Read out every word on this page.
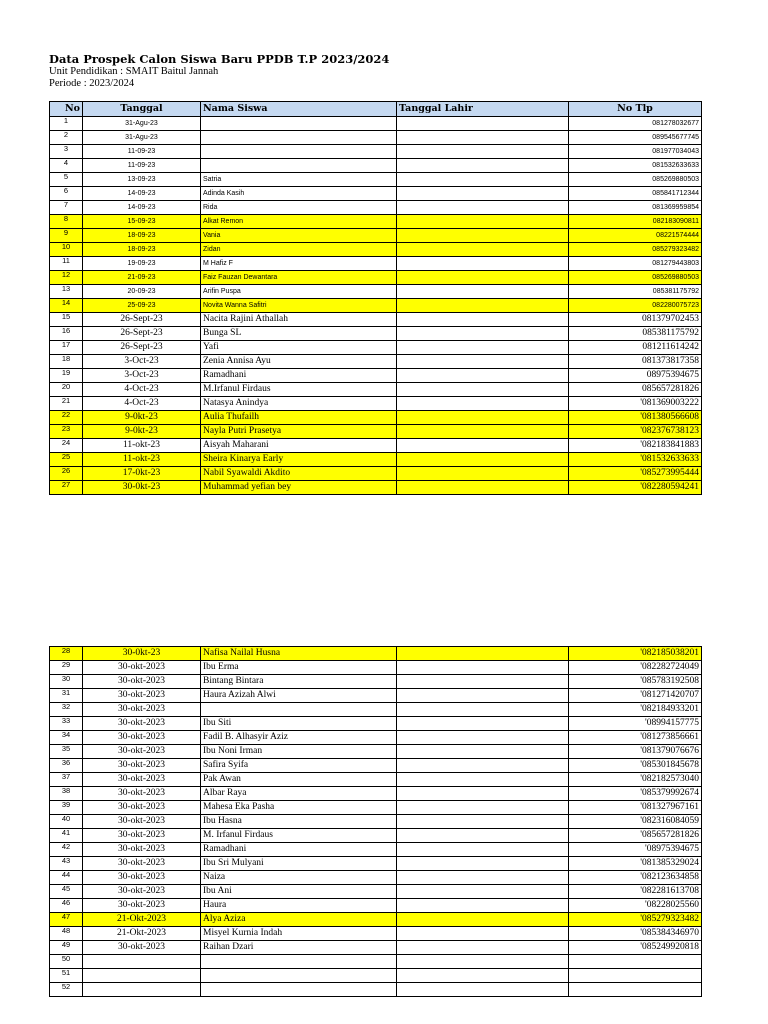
Data Prospek Calon Siswa Baru PPDB T.P 2023/2024
Unit Pendidikan : SMAIT Baitul Jannah
Periode : 2023/2024
No	Tanggal	Nama Siswa	Tanggal Lahir	No Tlp
1	31-Agu-23			081278032677
2	31-Agu-23			089545677745
3	11-09-23			081977034043
4	11-09-23			081532633633
5	13-09-23	Satria		085269880503
6	14-09-23	Adinda Kasih		085841712344
7	14-09-23	Rida		081369959854
8	15-09-23	Alkat Remon		082183090811
9	18-09-23	Vania		08221574444
10	18-09-23	Zidan		085279323482
11	19-09-23	M Hafiz F		081279443803
12	21-09-23	Faiz Fauzan Dewantara		085269880503
13	20-09-23	Arifin Puspa		085381175792
14	25-09-23	Novita Wanna Safitri		082280075723
15	26-Sept-23	Nacita Rajini Athallah		081379702453
16	26-Sept-23	Bunga SL		085381175792
17	26-Sept-23	Yafi		081211614242
18	3-Oct-23	Zenia Annisa Ayu		081373817358
19	3-Oct-23	Ramadhani		08975394675
20	4-Oct-23	M.Irfanul Firdaus		085657281826
21	4-Oct-23	Natasya Anindya		'081369003222
22	9-0kt-23	Aulia Thufailh		'081380566608
23	9-0kt-23	Nayla Putri Prasetya		'082376738123
24	11-okt-23	Aisyah Maharani		'082183841883
25	11-okt-23	Sheira Kinarya Early		'081532633633
26	17-0kt-23	Nabil Syawaldi Akdito		'085273995444
27	30-0kt-23	Muhammad yefian bey		'082280594241
28	30-0kt-23	Nafisa Nailal Husna		'082185038201
29	30-okt-2023	Ibu Erma		'082282724049
30	30-okt-2023	Bintang Bintara		'085783192508
31	30-okt-2023	Haura Azizah Alwi		'081271420707
32	30-okt-2023			'082184933201
33	30-okt-2023	Ibu Siti		'08994157775
34	30-okt-2023	Fadil B. Alhasyir Aziz		'081273856661
35	30-okt-2023	Ibu Noni Irman		'081379076676
36	30-okt-2023	Safira Syifa		'085301845678
37	30-okt-2023	Pak Awan		'082182573040
38	30-okt-2023	Albar Raya		'085379992674
39	30-okt-2023	Mahesa Eka Pasha		'081327967161
40	30-okt-2023	Ibu Hasna		'082316084059
41	30-okt-2023	M. Irfanul Firdaus		'085657281826
42	30-okt-2023	Ramadhani		'08975394675
43	30-okt-2023	Ibu Sri Mulyani		'081385329024
44	30-okt-2023	Naiza		'082123634858
45	30-okt-2023	Ibu Ani		'082281613708
46	30-okt-2023	Haura		'08228025560
47	21-Okt-2023	Alya Aziza		'085279323482
48	21-Okt-2023	Misyel Kurnia Indah		'085384346970
49	30-okt-2023	Raihan Dzari		'085249920818
50				
51				
52				
